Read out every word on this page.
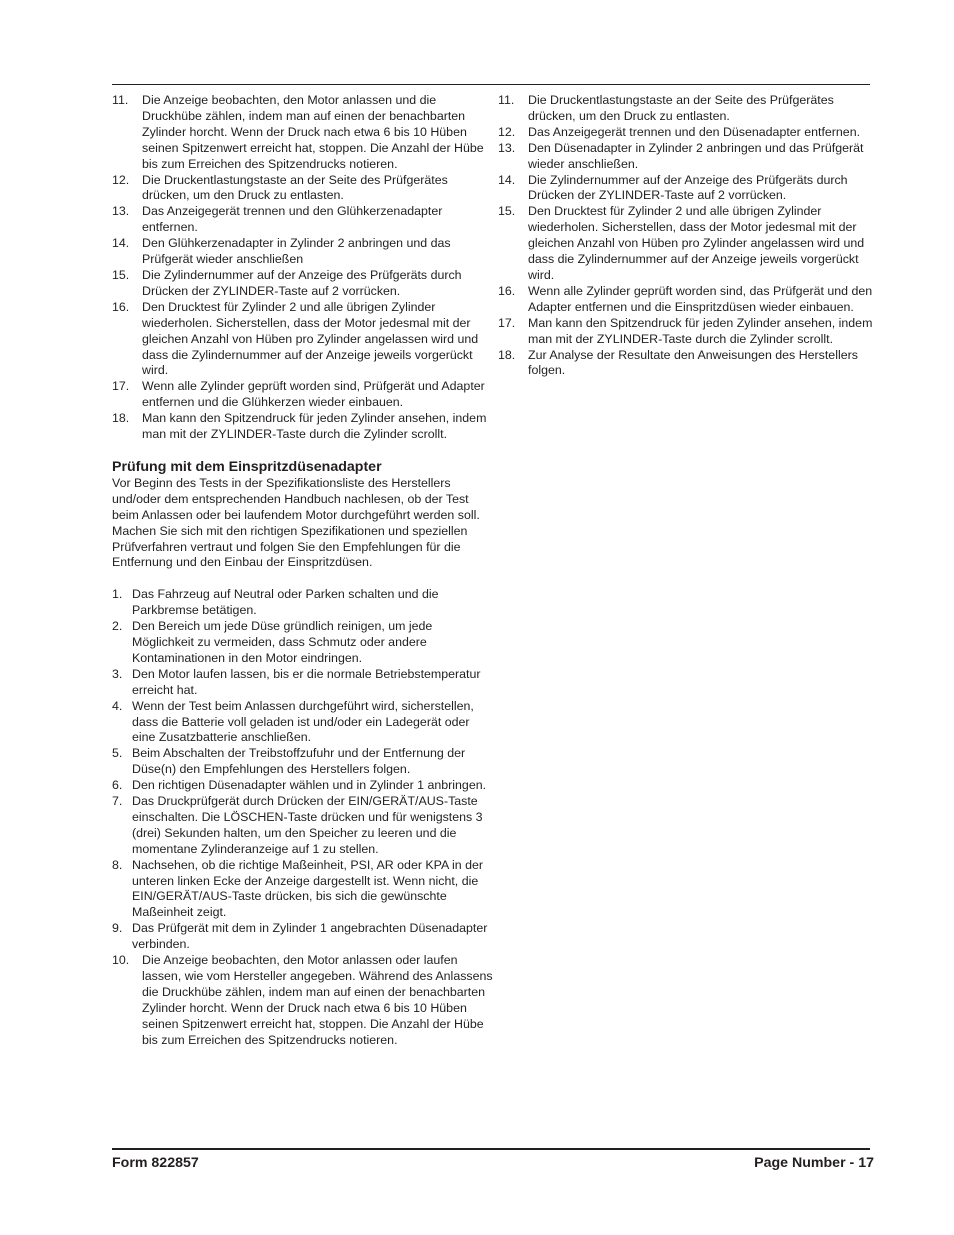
11.	Die Anzeige beobachten, den Motor anlassen und die Druckhübe zählen, indem man auf einen der benachbarten Zylinder horcht. Wenn der Druck nach etwa 6 bis 10 Hüben seinen Spitzenwert erreicht hat, stoppen. Die Anzahl der Hübe bis zum Erreichen des Spitzendrucks notieren.
12.	Die Druckentlastungstaste an der Seite des Prüfgerätes drücken, um den Druck zu entlasten.
13.	Das Anzeigegerät trennen und den Glühkerzenadapter entfernen.
14.	Den Glühkerzenadapter in Zylinder 2 anbringen und das Prüfgerät wieder anschließen
15.	Die Zylindernummer auf der Anzeige des Prüfgeräts durch Drücken der ZYLINDER-Taste auf 2 vorrücken.
16.	Den Drucktest für Zylinder 2 und alle übrigen Zylinder wiederholen. Sicherstellen, dass der Motor jedesmal mit der gleichen Anzahl von Hüben pro Zylinder angelassen wird und dass die Zylindernummer auf der Anzeige jeweils vorgerückt wird.
17.	Wenn alle Zylinder geprüft worden sind, Prüfgerät und Adapter entfernen und die Glühkerzen wieder einbauen.
18.	Man kann den Spitzendruck für jeden Zylinder ansehen, indem man mit der ZYLINDER-Taste durch die Zylinder scrollt.
Prüfung mit dem Einspritzdüsenadapter

Vor Beginn des Tests in der Spezifikationsliste des Herstellers und/oder dem entsprechenden Handbuch nachlesen, ob der Test beim Anlassen oder bei laufendem Motor durchgeführt werden soll. Machen Sie sich mit den richtigen Spezifikationen und speziellen Prüfverfahren vertraut und folgen Sie den Empfehlungen für die Entfernung und den Einbau der Einspritzdüsen.

1. Das Fahrzeug auf Neutral oder Parken schalten und die Parkbremse betätigen.
2. Den Bereich um jede Düse gründlich reinigen, um jede Möglichkeit zu vermeiden, dass Schmutz oder andere Kontaminationen in den Motor eindringen.
3. Den Motor laufen lassen, bis er die normale Betriebstemperatur erreicht hat.
4. Wenn der Test beim Anlassen durchgeführt wird, sicherstellen, dass die Batterie voll geladen ist und/oder ein Ladegerät oder eine Zusatzbatterie anschließen.
5. Beim Abschalten der Treibstoffzufuhr und der Entfernung der Düse(n) den Empfehlungen des Herstellers folgen.
6. Den richtigen Düsenadapter wählen und in Zylinder 1 anbringen.
7. Das Druckprüfgerät durch Drücken der EIN/GERÄT/AUS-Taste einschalten. Die LÖSCHEN-Taste drücken und für wenigstens 3 (drei) Sekunden halten, um den Speicher zu leeren und die momentane Zylinderanzeige auf 1 zu stellen.
8. Nachsehen, ob die richtige Maßeinheit, PSI, AR oder KPA in der unteren linken Ecke der Anzeige dargestellt ist. Wenn nicht, die EIN/GERÄT/AUS-Taste drücken, bis sich die gewünschte Maßeinheit zeigt.
9. Das Prüfgerät mit dem in Zylinder 1 angebrachten Düsenadapter verbinden.
10.	Die Anzeige beobachten, den Motor anlassen oder laufen lassen, wie vom Hersteller angegeben. Während des Anlassens die Druckhübe zählen, indem man auf einen der benachbarten Zylinder horcht. Wenn der Druck nach etwa 6 bis 10 Hüben seinen Spitzenwert erreicht hat, stoppen. Die Anzahl der Hübe bis zum Erreichen des Spitzendrucks notieren.
11.	Die Druckentlastungstaste an der Seite des Prüfgerätes drücken, um den Druck zu entlasten.
12.	Das Anzeigegerät trennen und den Düsenadapter entfernen.
13.	Den Düsenadapter in Zylinder 2 anbringen und das Prüfgerät wieder anschließen.
14.	Die Zylindernummer auf der Anzeige des Prüfgeräts durch Drücken der ZYLINDER-Taste auf 2 vorrücken.
15.	Den Drucktest für Zylinder 2 und alle übrigen Zylinder wiederholen. Sicherstellen, dass der Motor jedesmal mit der gleichen Anzahl von Hüben pro Zylinder angelassen wird und dass die Zylindernummer auf der Anzeige jeweils vorgerückt wird.
16.	Wenn alle Zylinder geprüft worden sind, das Prüfgerät und den Adapter entfernen und die Einspritzdüsen wieder einbauen.
17.	Man kann den Spitzendruck für jeden Zylinder ansehen, indem man mit der ZYLINDER-Taste durch die Zylinder scrollt.
18.	Zur Analyse der Resultate den Anweisungen des Herstellers folgen.
Form 822857	Page Number - 17
